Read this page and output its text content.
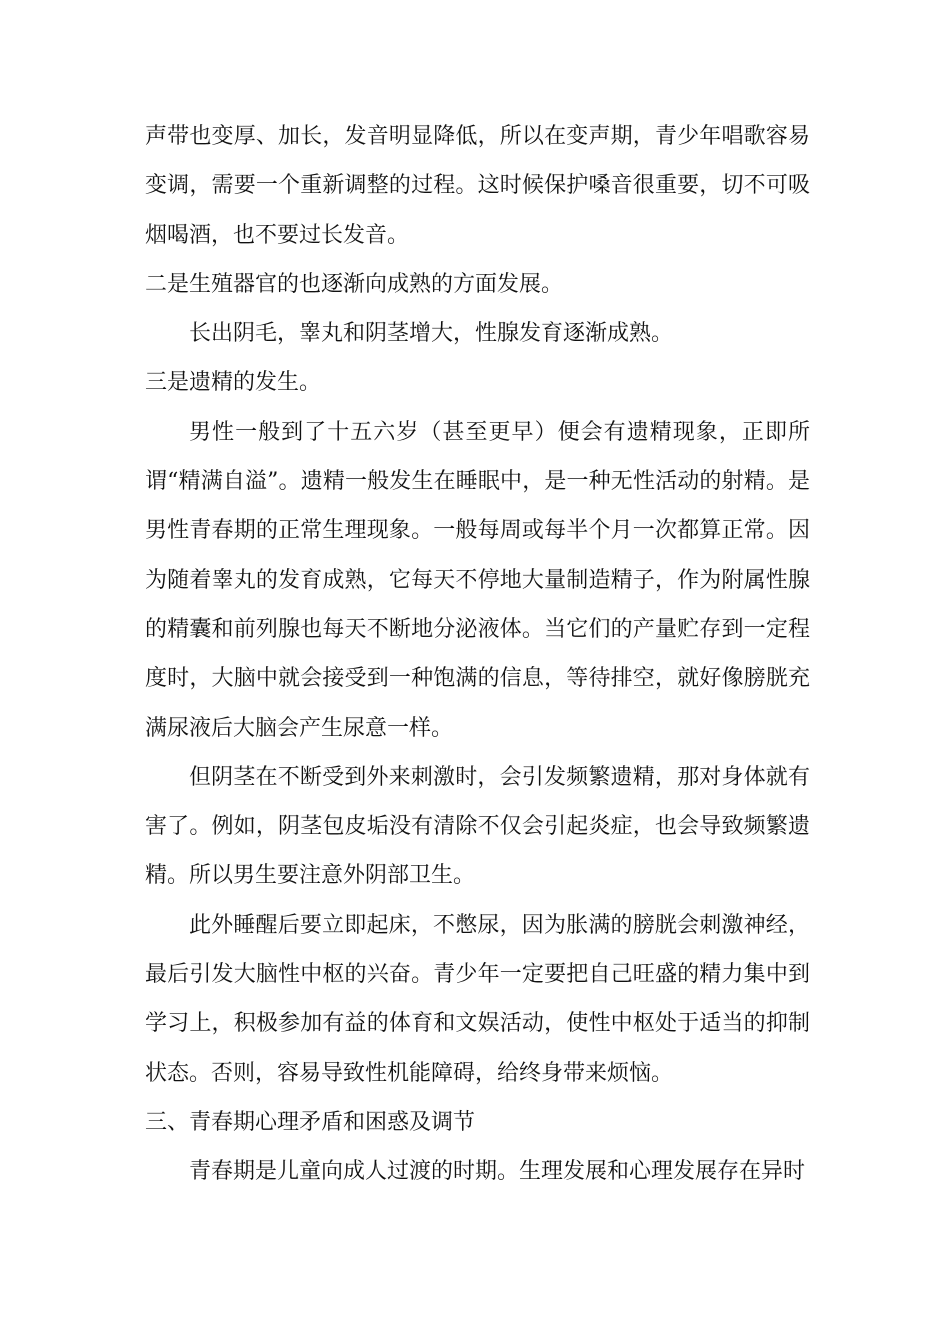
声带也变厚、加长，发音明显降低，所以在变声期，青少年唱歌容易变调，需要一个重新调整的过程。这时候保护嗓音很重要，切不可吸烟喝酒，也不要过长发音。

二是生殖器官的也逐渐向成熟的方面发展。

长出阴毛，睾丸和阴茎增大，性腺发育逐渐成熟。

三是遗精的发生。

男性一般到了十五六岁（甚至更早）便会有遗精现象，正即所谓“精满自溢”。遗精一般发生在睡眠中，是一种无性活动的射精。是男性青春期的正常生理现象。一般每周或每半个月一次都算正常。因为随着睾丸的发育成熟，它每天不停地大量制造精子，作为附属性腺的精囊和前列腺也每天不断地分泌液体。当它们的产量贮存到一定程度时，大脑中就会接受到一种饱满的信息，等待排空，就好像膀胱充满尿液后大脑会产生尿意一样。

但阴茎在不断受到外来刺激时，会引发频繁遗精，那对身体就有害了。例如，阴茎包皮垢没有清除不仅会引起炎症，也会导致频繁遗精。所以男生要注意外阴部卫生。

此外睡醒后要立即起床，不憋尿，因为胀满的膀胱会刺激神经，最后引发大脑性中枢的兴奋。青少年一定要把自己旺盛的精力集中到学习上，积极参加有益的体育和文娱活动，使性中枢处于适当的抑制状态。否则，容易导致性机能障碍，给终身带来烦恼。

三、青春期心理矛盾和困惑及调节

青春期是儿童向成人过渡的时期。生理发展和心理发展存在异时
